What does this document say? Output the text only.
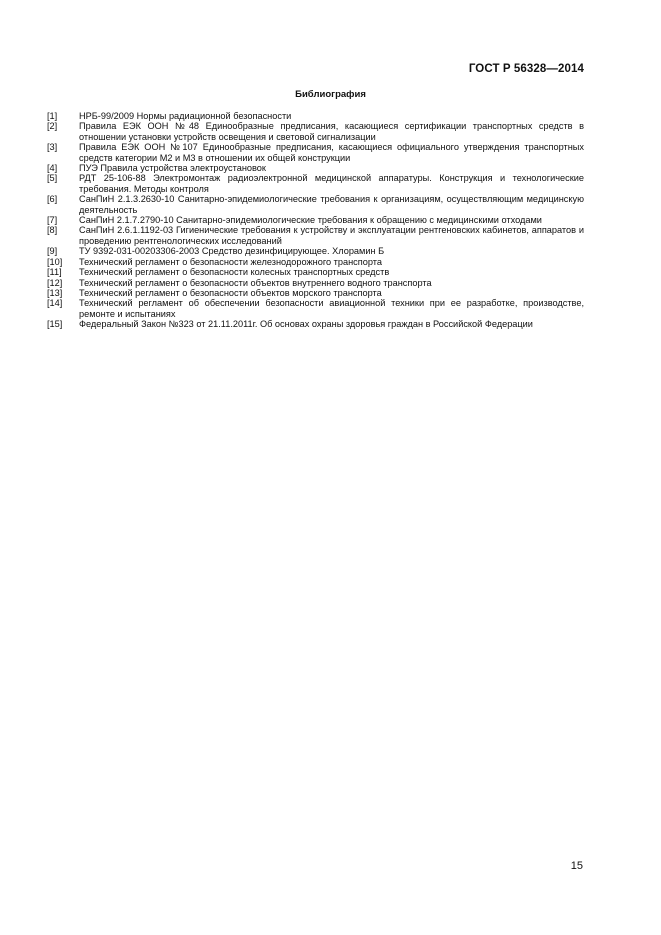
ГОСТ Р 56328—2014
Библиография
[1]	НРБ-99/2009 Нормы радиационной безопасности
[2]	Правила ЕЭК ООН №48 Единообразные предписания, касающиеся сертификации транспортных средств в отношении установки устройств освещения и световой сигнализации
[3]	Правила ЕЭК ООН №107 Единообразные предписания, касающиеся официального утверждения транспортных средств категории М2 и М3 в отношении их общей конструкции
[4]	ПУЭ Правила устройства электроустановок
[5]	РДТ 25-106-88 Электромонтаж радиоэлектронной медицинской аппаратуры. Конструкция и технологические требования. Методы контроля
[6]	СанПиН 2.1.3.2630-10 Санитарно-эпидемиологические требования к организациям, осуществляющим медицинскую деятельность
[7]	СанПиН 2.1.7.2790-10 Санитарно-эпидемиологические требования к обращению с медицинскими отходами
[8]	СанПиН 2.6.1.1192-03 Гигиенические требования к устройству и эксплуатации рентгеновских кабинетов, аппаратов и проведению рентгенологических исследований
[9]	ТУ 9392-031-00203306-2003 Средство дезинфицирующее. Хлорамин Б
[10]	Технический регламент о безопасности железнодорожного транспорта
[11]	Технический регламент о безопасности колесных транспортных средств
[12]	Технический регламент о безопасности объектов внутреннего водного транспорта
[13]	Технический регламент о безопасности объектов морского транспорта
[14]	Технический регламент об обеспечении безопасности авиационной техники при ее разработке, производстве, ремонте и испытаниях
[15]	Федеральный Закон №323 от 21.11.2011г. Об основах охраны здоровья граждан в Российской Федерации
15
